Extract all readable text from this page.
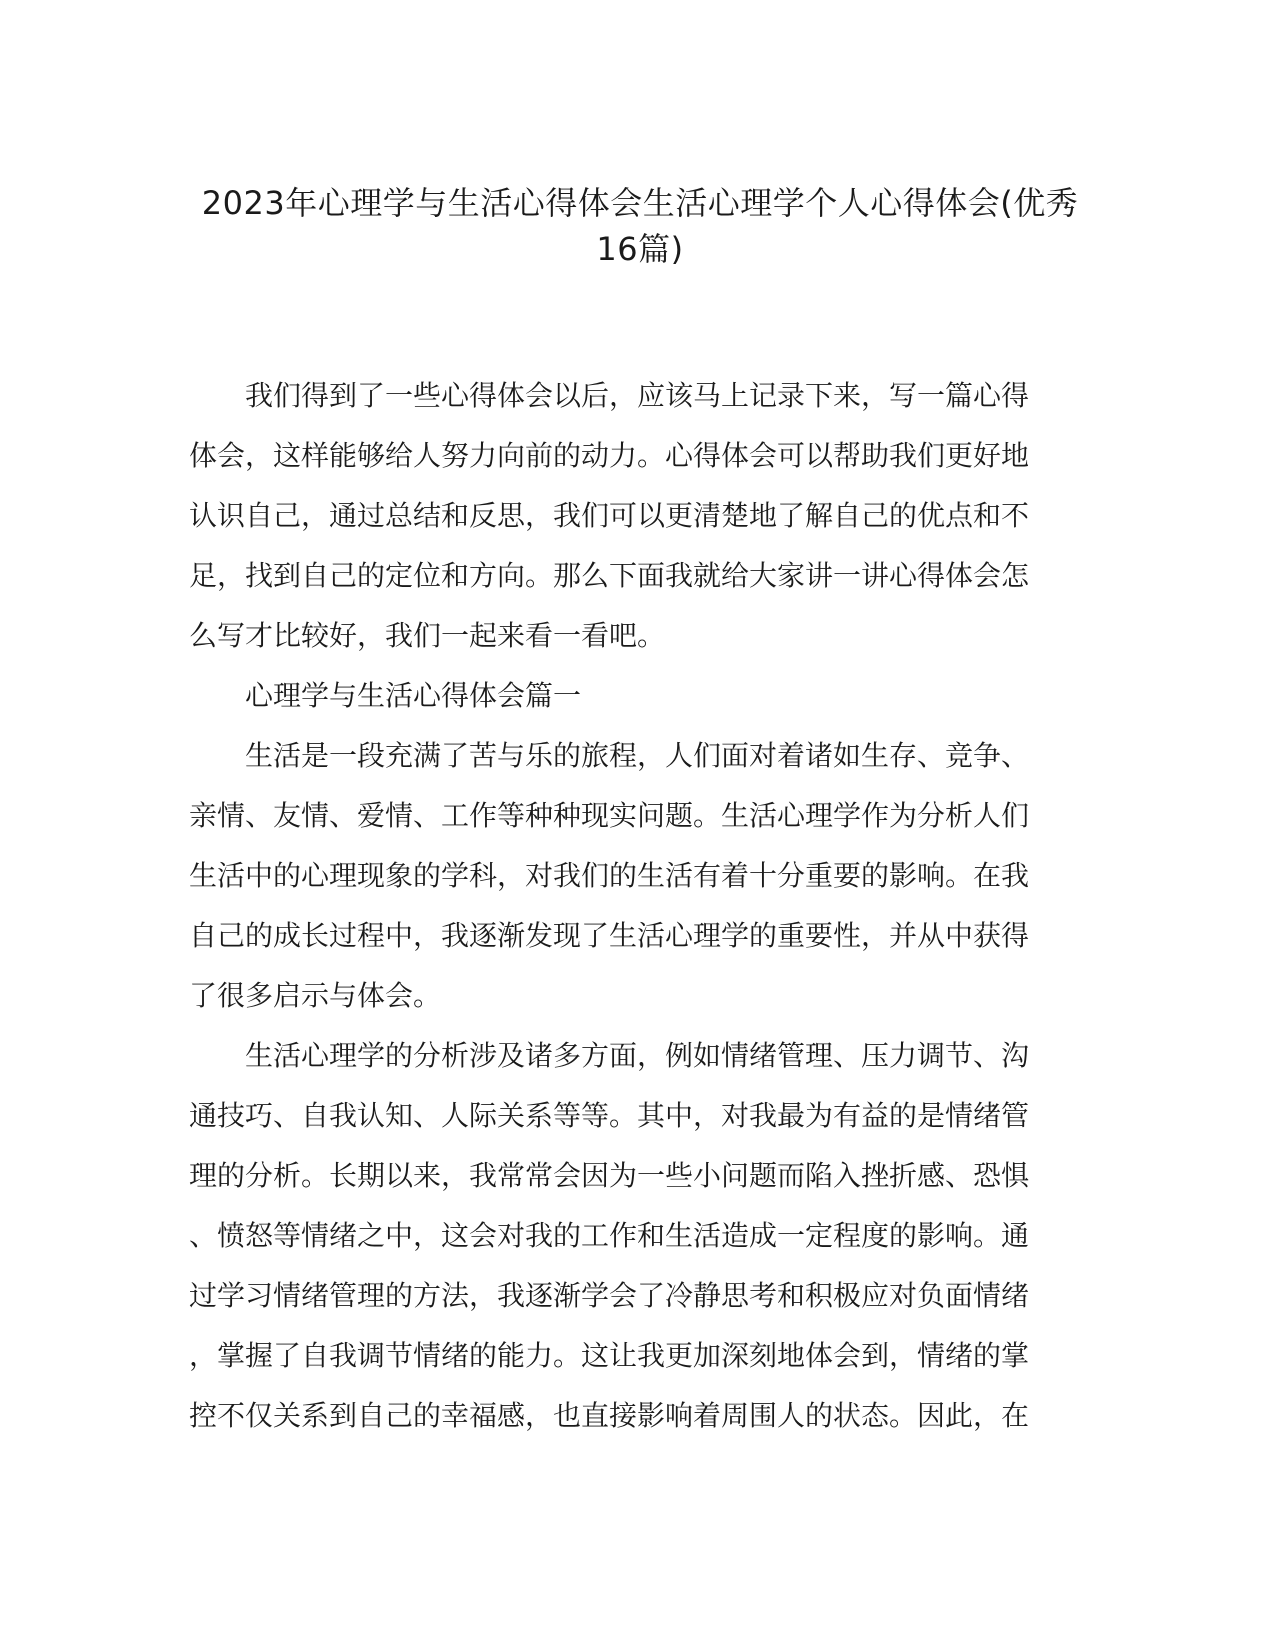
2023年心理学与生活心得体会生活心理学个人心得体会(优秀
16篇)

　　我们得到了一些心得体会以后，应该马上记录下来，写一篇心得

体会，这样能够给人努力向前的动力。心得体会可以帮助我们更好地

认识自己，通过总结和反思，我们可以更清楚地了解自己的优点和不

足，找到自己的定位和方向。那么下面我就给大家讲一讲心得体会怎

么写才比较好，我们一起来看一看吧。

　　心理学与生活心得体会篇一

　　生活是一段充满了苦与乐的旅程，人们面对着诸如生存、竞争、

亲情、友情、爱情、工作等种种现实问题。生活心理学作为分析人们

生活中的心理现象的学科，对我们的生活有着十分重要的影响。在我

自己的成长过程中，我逐渐发现了生活心理学的重要性，并从中获得

了很多启示与体会。

　　生活心理学的分析涉及诸多方面，例如情绪管理、压力调节、沟

通技巧、自我认知、人际关系等等。其中，对我最为有益的是情绪管

理的分析。长期以来，我常常会因为一些小问题而陷入挫折感、恐惧

、愤怒等情绪之中，这会对我的工作和生活造成一定程度的影响。通

过学习情绪管理的方法，我逐渐学会了冷静思考和积极应对负面情绪

，掌握了自我调节情绪的能力。这让我更加深刻地体会到，情绪的掌

控不仅关系到自己的幸福感，也直接影响着周围人的状态。因此，在
